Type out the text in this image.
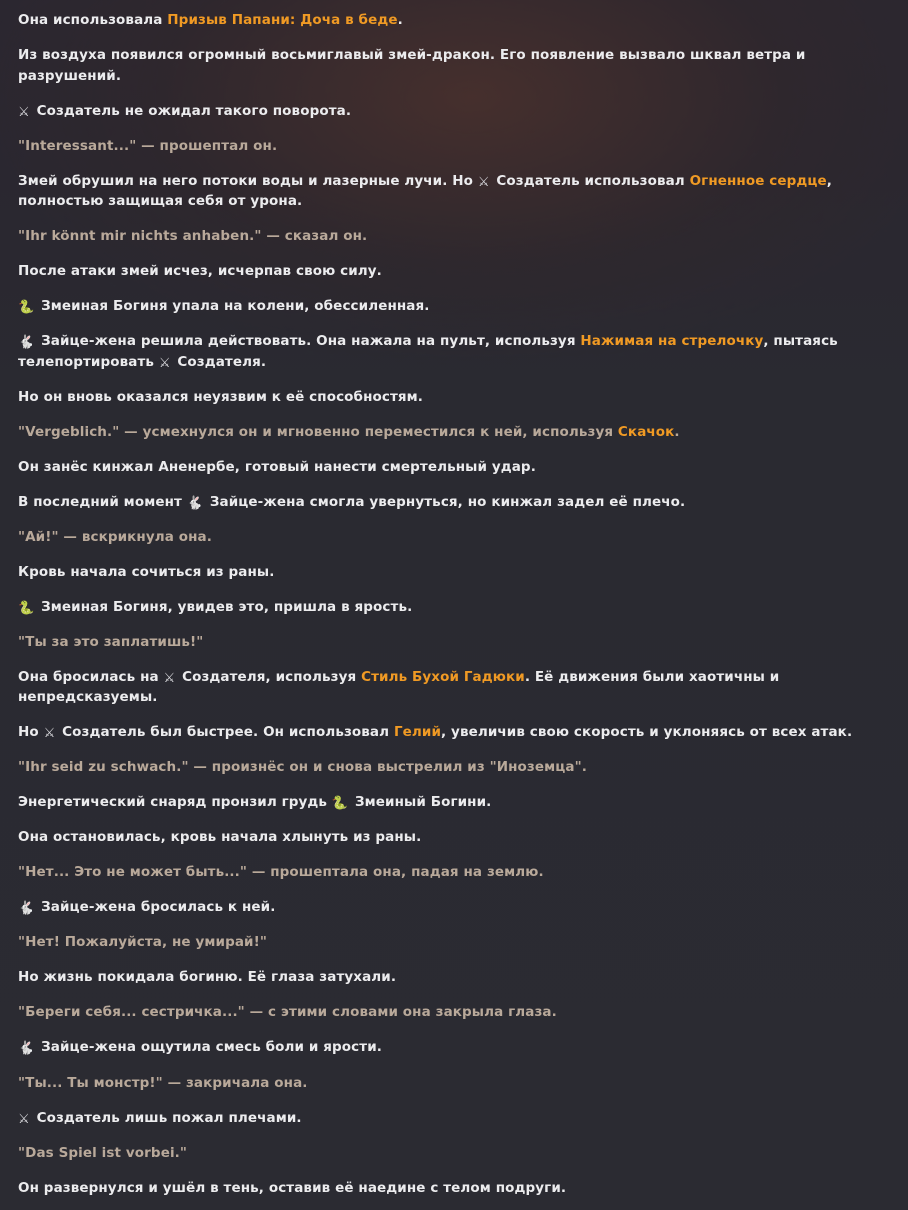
Она использовала Призыв Папани: Доча в беде.

Из воздуха появился огромный восьмиглавый змей-дракон. Его появление вызвало шквал ветра и разрушений.

⚔ Создатель не ожидал такого поворота.

"Interessant..." — прошептал он.

Змей обрушил на него потоки воды и лазерные лучи. Но ⚔ Создатель использовал Огненное сердце, полностью защищая себя от урона.

"Ihr könnt mir nichts anhaben." — сказал он.

После атаки змей исчез, исчерпав свою силу.

🐍 Змеиная Богиня упала на колени, обессиленная.

🐇 Зайце-жена решила действовать. Она нажала на пульт, используя Нажимая на стрелочку, пытаясь телепортировать ⚔ Создателя.

Но он вновь оказался неуязвим к её способностям.

"Vergeblich." — усмехнулся он и мгновенно переместился к ней, используя Скачок.

Он занёс кинжал Аненербе, готовый нанести смертельный удар.

В последний момент 🐇 Зайце-жена смогла увернуться, но кинжал задел её плечо.

"Ай!" — вскрикнула она.

Кровь начала сочиться из раны.

🐍 Змеиная Богиня, увидев это, пришла в ярость.

"Ты за это заплатишь!"

Она бросилась на ⚔ Создателя, используя Стиль Бухой Гадюки. Её движения были хаотичны и непредсказуемы.

Но ⚔ Создатель был быстрее. Он использовал Гелий, увеличив свою скорость и уклоняясь от всех атак.

"Ihr seid zu schwach." — произнёс он и снова выстрелил из "Иноземца".

Энергетический снаряд пронзил грудь 🐍 Змеиный Богини.

Она остановилась, кровь начала хлынуть из раны.

"Нет... Это не может быть..." — прошептала она, падая на землю.

🐇 Зайце-жена бросилась к ней.

"Нет! Пожалуйста, не умирай!"

Но жизнь покидала богиню. Её глаза затухали.

"Береги себя... сестричка..." — с этими словами она закрыла глаза.

🐇 Зайце-жена ощутила смесь боли и ярости.

"Ты... Ты монстр!" — закричала она.

⚔ Создатель лишь пожал плечами.

"Das Spiel ist vorbei."

Он развернулся и ушёл в тень, оставив её наедине с телом подруги.
